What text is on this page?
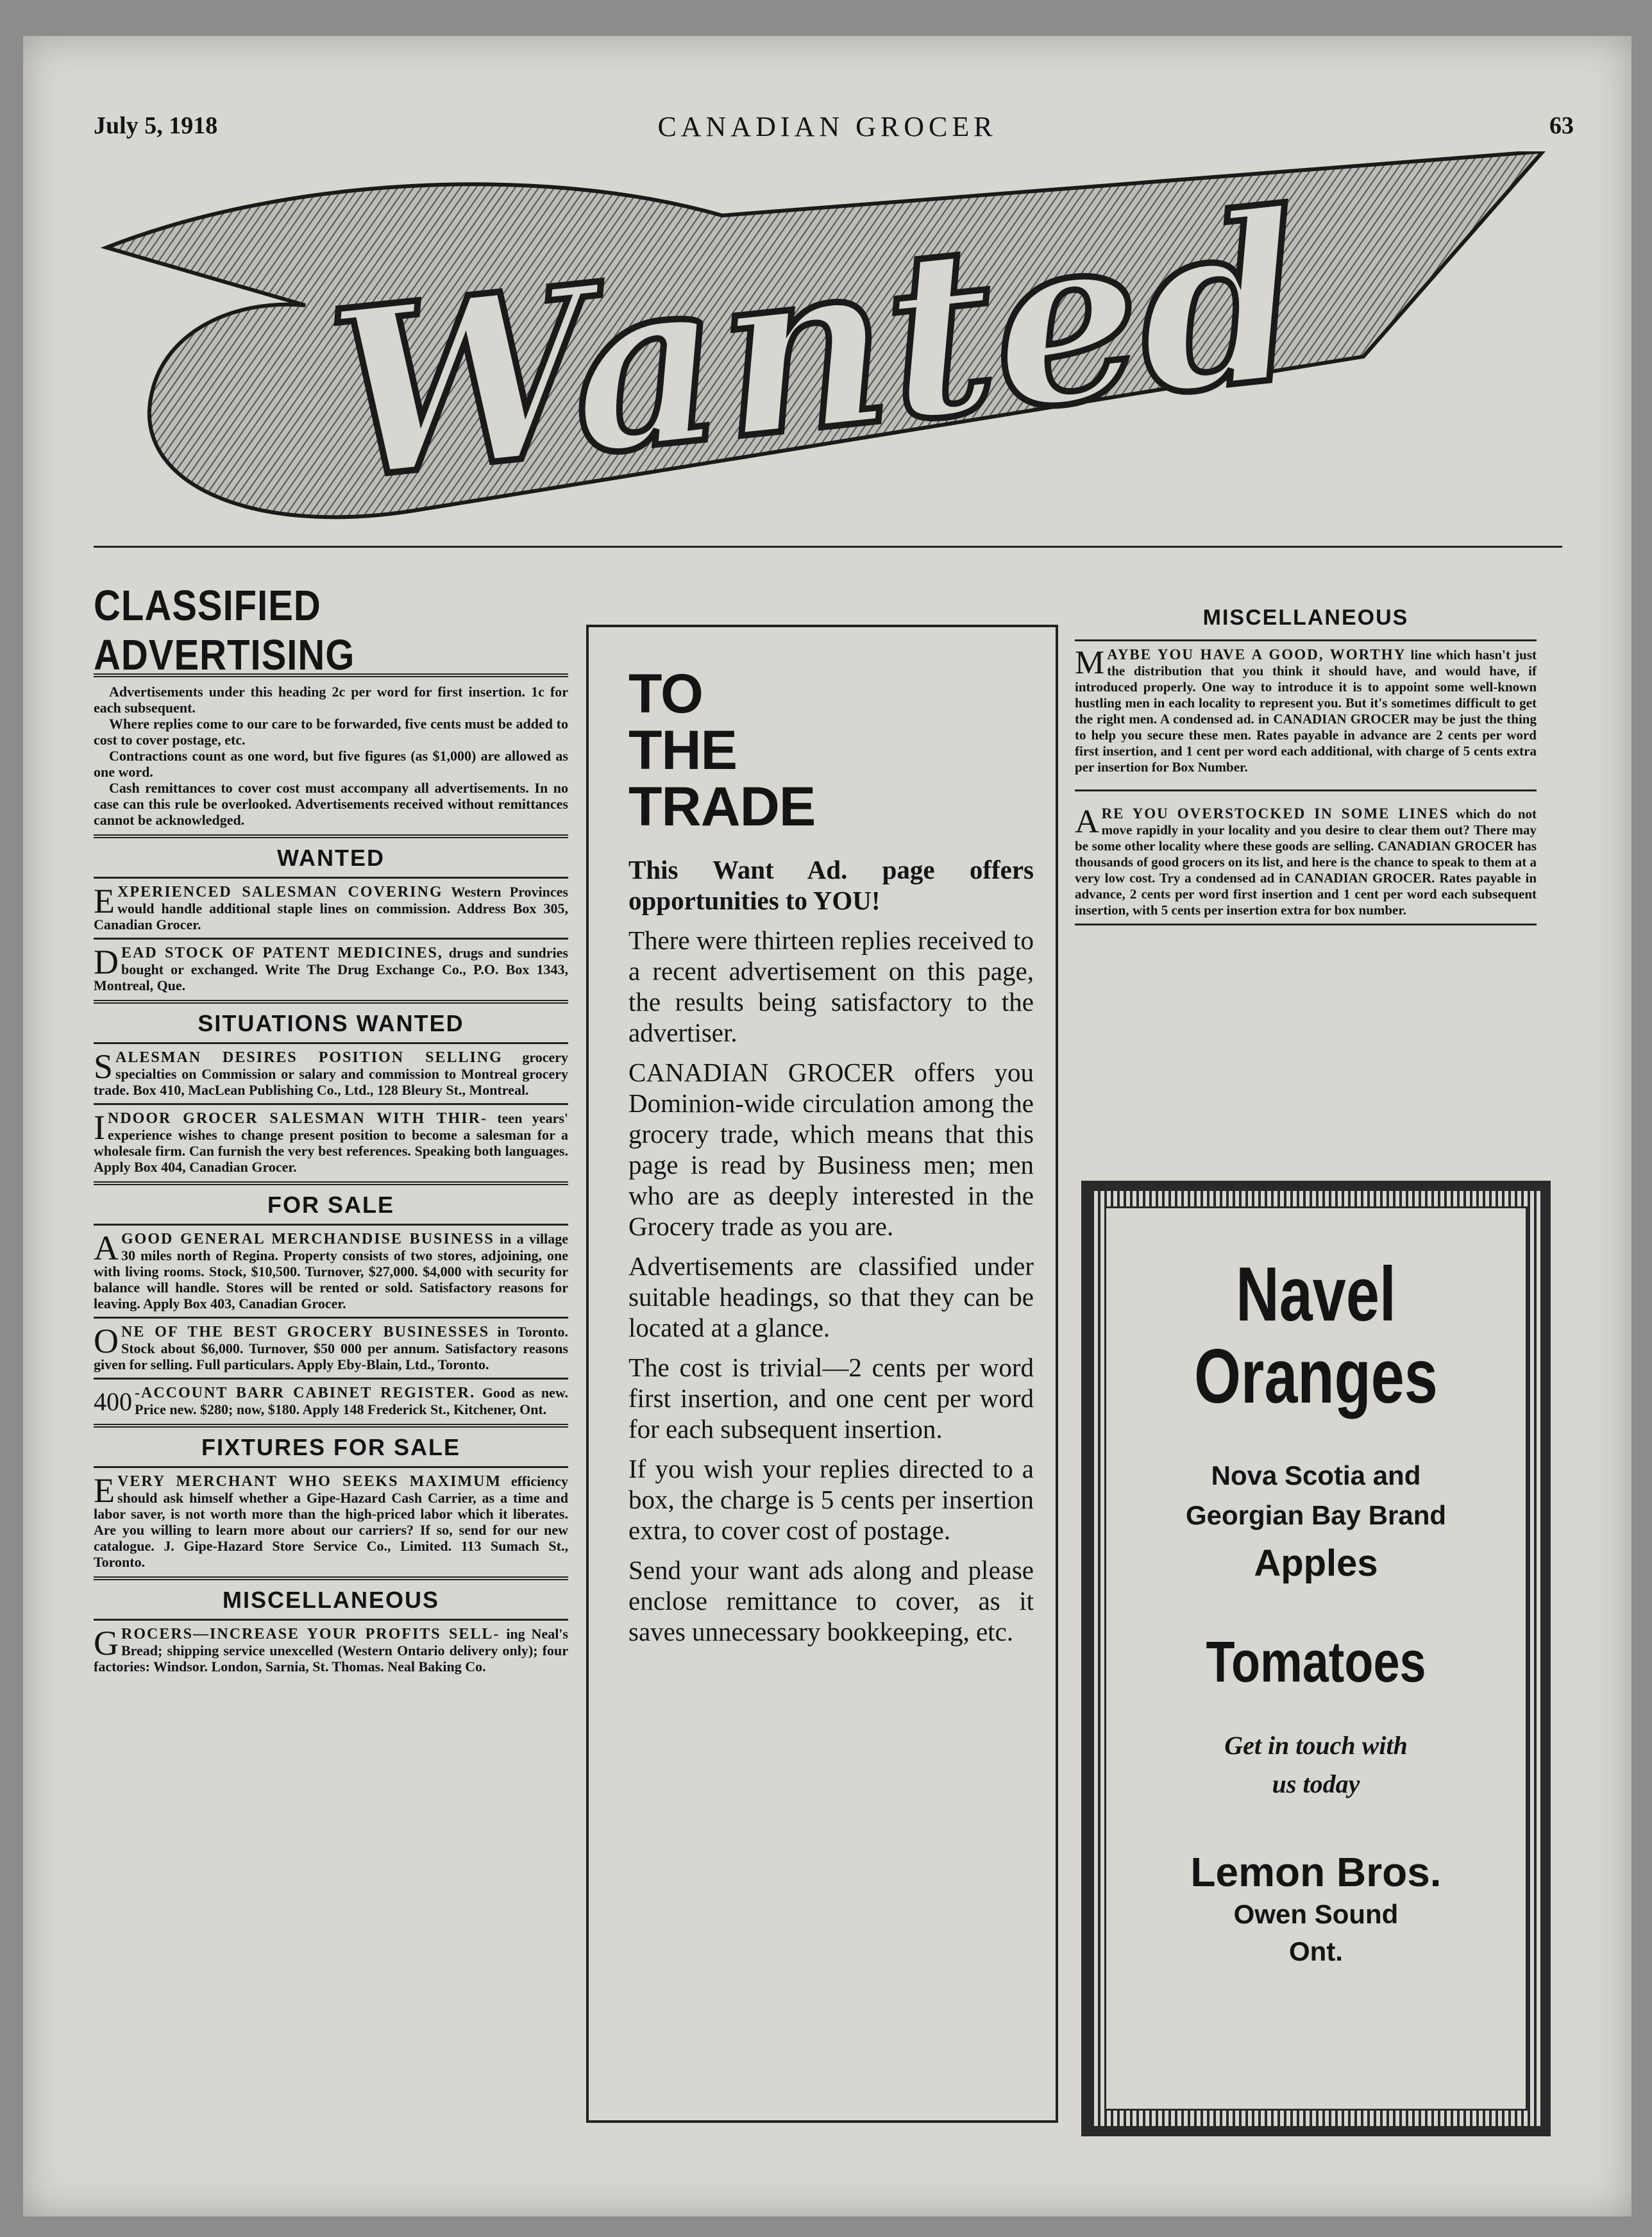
July 5, 1918	CANADIAN GROCER	63
Wanted
CLASSIFIED ADVERTISING

Advertisements under this heading 2c per word for first insertion. 1c for each subsequent.

Where replies come to our care to be forwarded, five cents must be added to cost to cover postage, etc.

Contractions count as one word, but five figures (as $1,000) are allowed as one word.

Cash remittances to cover cost must accompany all advertisements. In no case can this rule be overlooked. Advertisements received without remittances cannot be acknowledged.

WANTED
EXPERIENCED SALESMAN COVERING Western Provinces would handle additional staple lines on commission. Address Box 305, Canadian Grocer.
DEAD STOCK OF PATENT MEDICINES, drugs and sundries bought or exchanged. Write The Drug Exchange Co., P.O. Box 1343, Montreal, Que.
SITUATIONS WANTED
SALESMAN DESIRES POSITION SELLING grocery specialties on Commission or salary and commission to Montreal grocery trade. Box 410, MacLean Publishing Co., Ltd., 128 Bleury St., Montreal.
INDOOR GROCER SALESMAN WITH THIR- teen years' experience wishes to change present position to become a salesman for a wholesale firm. Can furnish the very best references. Speaking both languages. Apply Box 404, Canadian Grocer.
FOR SALE
AGOOD GENERAL MERCHANDISE BUSINESS in a village 30 miles north of Regina. Property consists of two stores, adjoining, one with living rooms. Stock, $10,500. Turnover, $27,000. $4,000 with security for balance will handle. Stores will be rented or sold. Satisfactory reasons for leaving. Apply Box 403, Canadian Grocer.
ONE OF THE BEST GROCERY BUSINESSES in Toronto. Stock about $6,000. Turnover, $50 000 per annum. Satisfactory reasons given for selling. Full particulars. Apply Eby-Blain, Ltd., Toronto.
400 -ACCOUNT BARR CABINET REGISTER. Good as new. Price new. $280; now, $180. Apply 148 Frederick St., Kitchener, Ont.
FIXTURES FOR SALE
EVERY MERCHANT WHO SEEKS MAXIMUM efficiency should ask himself whether a Gipe-Hazard Cash Carrier, as a time and labor saver, is not worth more than the high-priced labor which it liberates. Are you willing to learn more about our carriers? If so, send for our new catalogue. J. Gipe-Hazard Store Service Co., Limited. 113 Sumach St., Toronto.
MISCELLANEOUS
GROCERS—INCREASE YOUR PROFITS SELL- ing Neal's Bread; shipping service unexcelled (Western Ontario delivery only); four factories: Windsor. London, Sarnia, St. Thomas. Neal Baking Co.
TO
THE
TRADE

This Want Ad. page offers opportunities to YOU!

There were thirteen replies received to a recent advertisement on this page, the results being satisfactory to the advertiser.

CANADIAN GROCER offers you Dominion-wide circulation among the grocery trade, which means that this page is read by Business men; men who are as deeply interested in the Grocery trade as you are.

Advertisements are classified under suitable headings, so that they can be located at a glance.

The cost is trivial—2 cents per word first insertion, and one cent per word for each subsequent insertion.

If you wish your replies directed to a box, the charge is 5 cents per insertion extra, to cover cost of postage.

Send your want ads along and please enclose remittance to cover, as it saves unnecessary bookkeeping, etc.

MISCELLANEOUS
MAYBE YOU HAVE A GOOD, WORTHY line which hasn't just the distribution that you think it should have, and would have, if introduced properly. One way to introduce it is to appoint some well-known hustling men in each locality to represent you. But it's sometimes difficult to get the right men. A condensed ad. in CANADIAN GROCER may be just the thing to help you secure these men. Rates payable in advance are 2 cents per word first insertion, and 1 cent per word each additional, with charge of 5 cents extra per insertion for Box Number.
ARE YOU OVERSTOCKED IN SOME LINES which do not move rapidly in your locality and you desire to clear them out? There may be some other locality where these goods are selling. CANADIAN GROCER has thousands of good grocers on its list, and here is the chance to speak to them at a very low cost. Try a condensed ad in CANADIAN GROCER. Rates payable in advance, 2 cents per word first insertion and 1 cent per word each subsequent insertion, with 5 cents per insertion extra for box number.
Navel
Oranges
Nova Scotia and
Georgian Bay Brand
Apples
Tomatoes
Get in touch with
us today
Lemon Bros.
Owen Sound
Ont.
